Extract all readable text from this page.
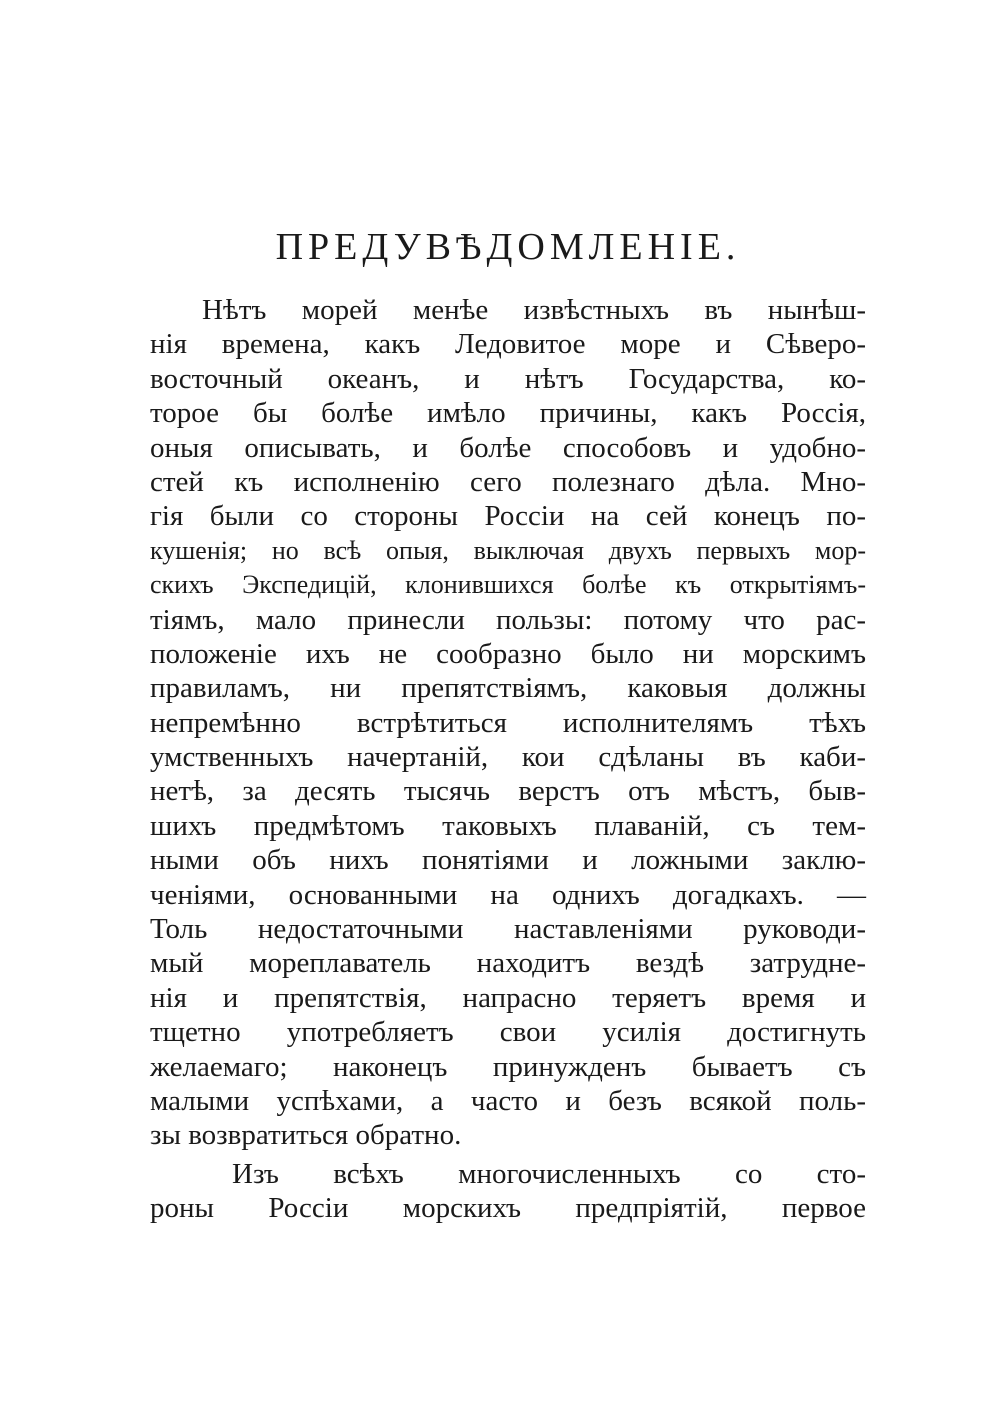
ПРЕДУВѢДОМЛЕНІЕ.
Нѣтъ морей менѣе извѣстныхъ въ нынѣш-
нія времена, какъ Ледовитое море и Сѣверо-
восточный океанъ, и нѣтъ Государства, ко-
торое бы болѣе имѣло причины, какъ Россія,
оныя описывать, и болѣе способовъ и удобно-
стей къ исполненію сего полезнаго дѣла. Мно-
гія были со стороны Россіи на сей конецъ по-
кушенія; но всѣ опыя, выключая двухъ первыхъ мор-
скихъ Экспедицій, клонившихся болѣе къ открытіямъ-
тіямъ, мало принесли пользы: потому что рас-
положеніе ихъ не сообразно было ни морскимъ
правиламъ, ни препятствіямъ, каковыя должны
непремѣнно встрѣтиться исполнителямъ тѣхъ
умственныхъ начертаній, кои сдѣланы въ каби-
нетѣ, за десять тысячь верстъ отъ мѣстъ, быв-
шихъ предмѣтомъ таковыхъ плаваній, съ тем-
ными объ нихъ понятіями и ложными заклю-
ченіями, основанными на однихъ догадкахъ. —
Толь недостаточными наставленіями руководи-
мый мореплаватель находитъ вездѣ затрудне-
нія и препятствія, напрасно теряетъ время и
тщетно употребляетъ свои усилія достигнуть
желаемаго; наконецъ принужденъ бываетъ съ
малыми успѣхами, а часто и безъ всякой поль-
зы возвратиться обратно.
Изъ всѣхъ многочисленныхъ со сто-
роны Россіи морскихъ предпріятій, первое
